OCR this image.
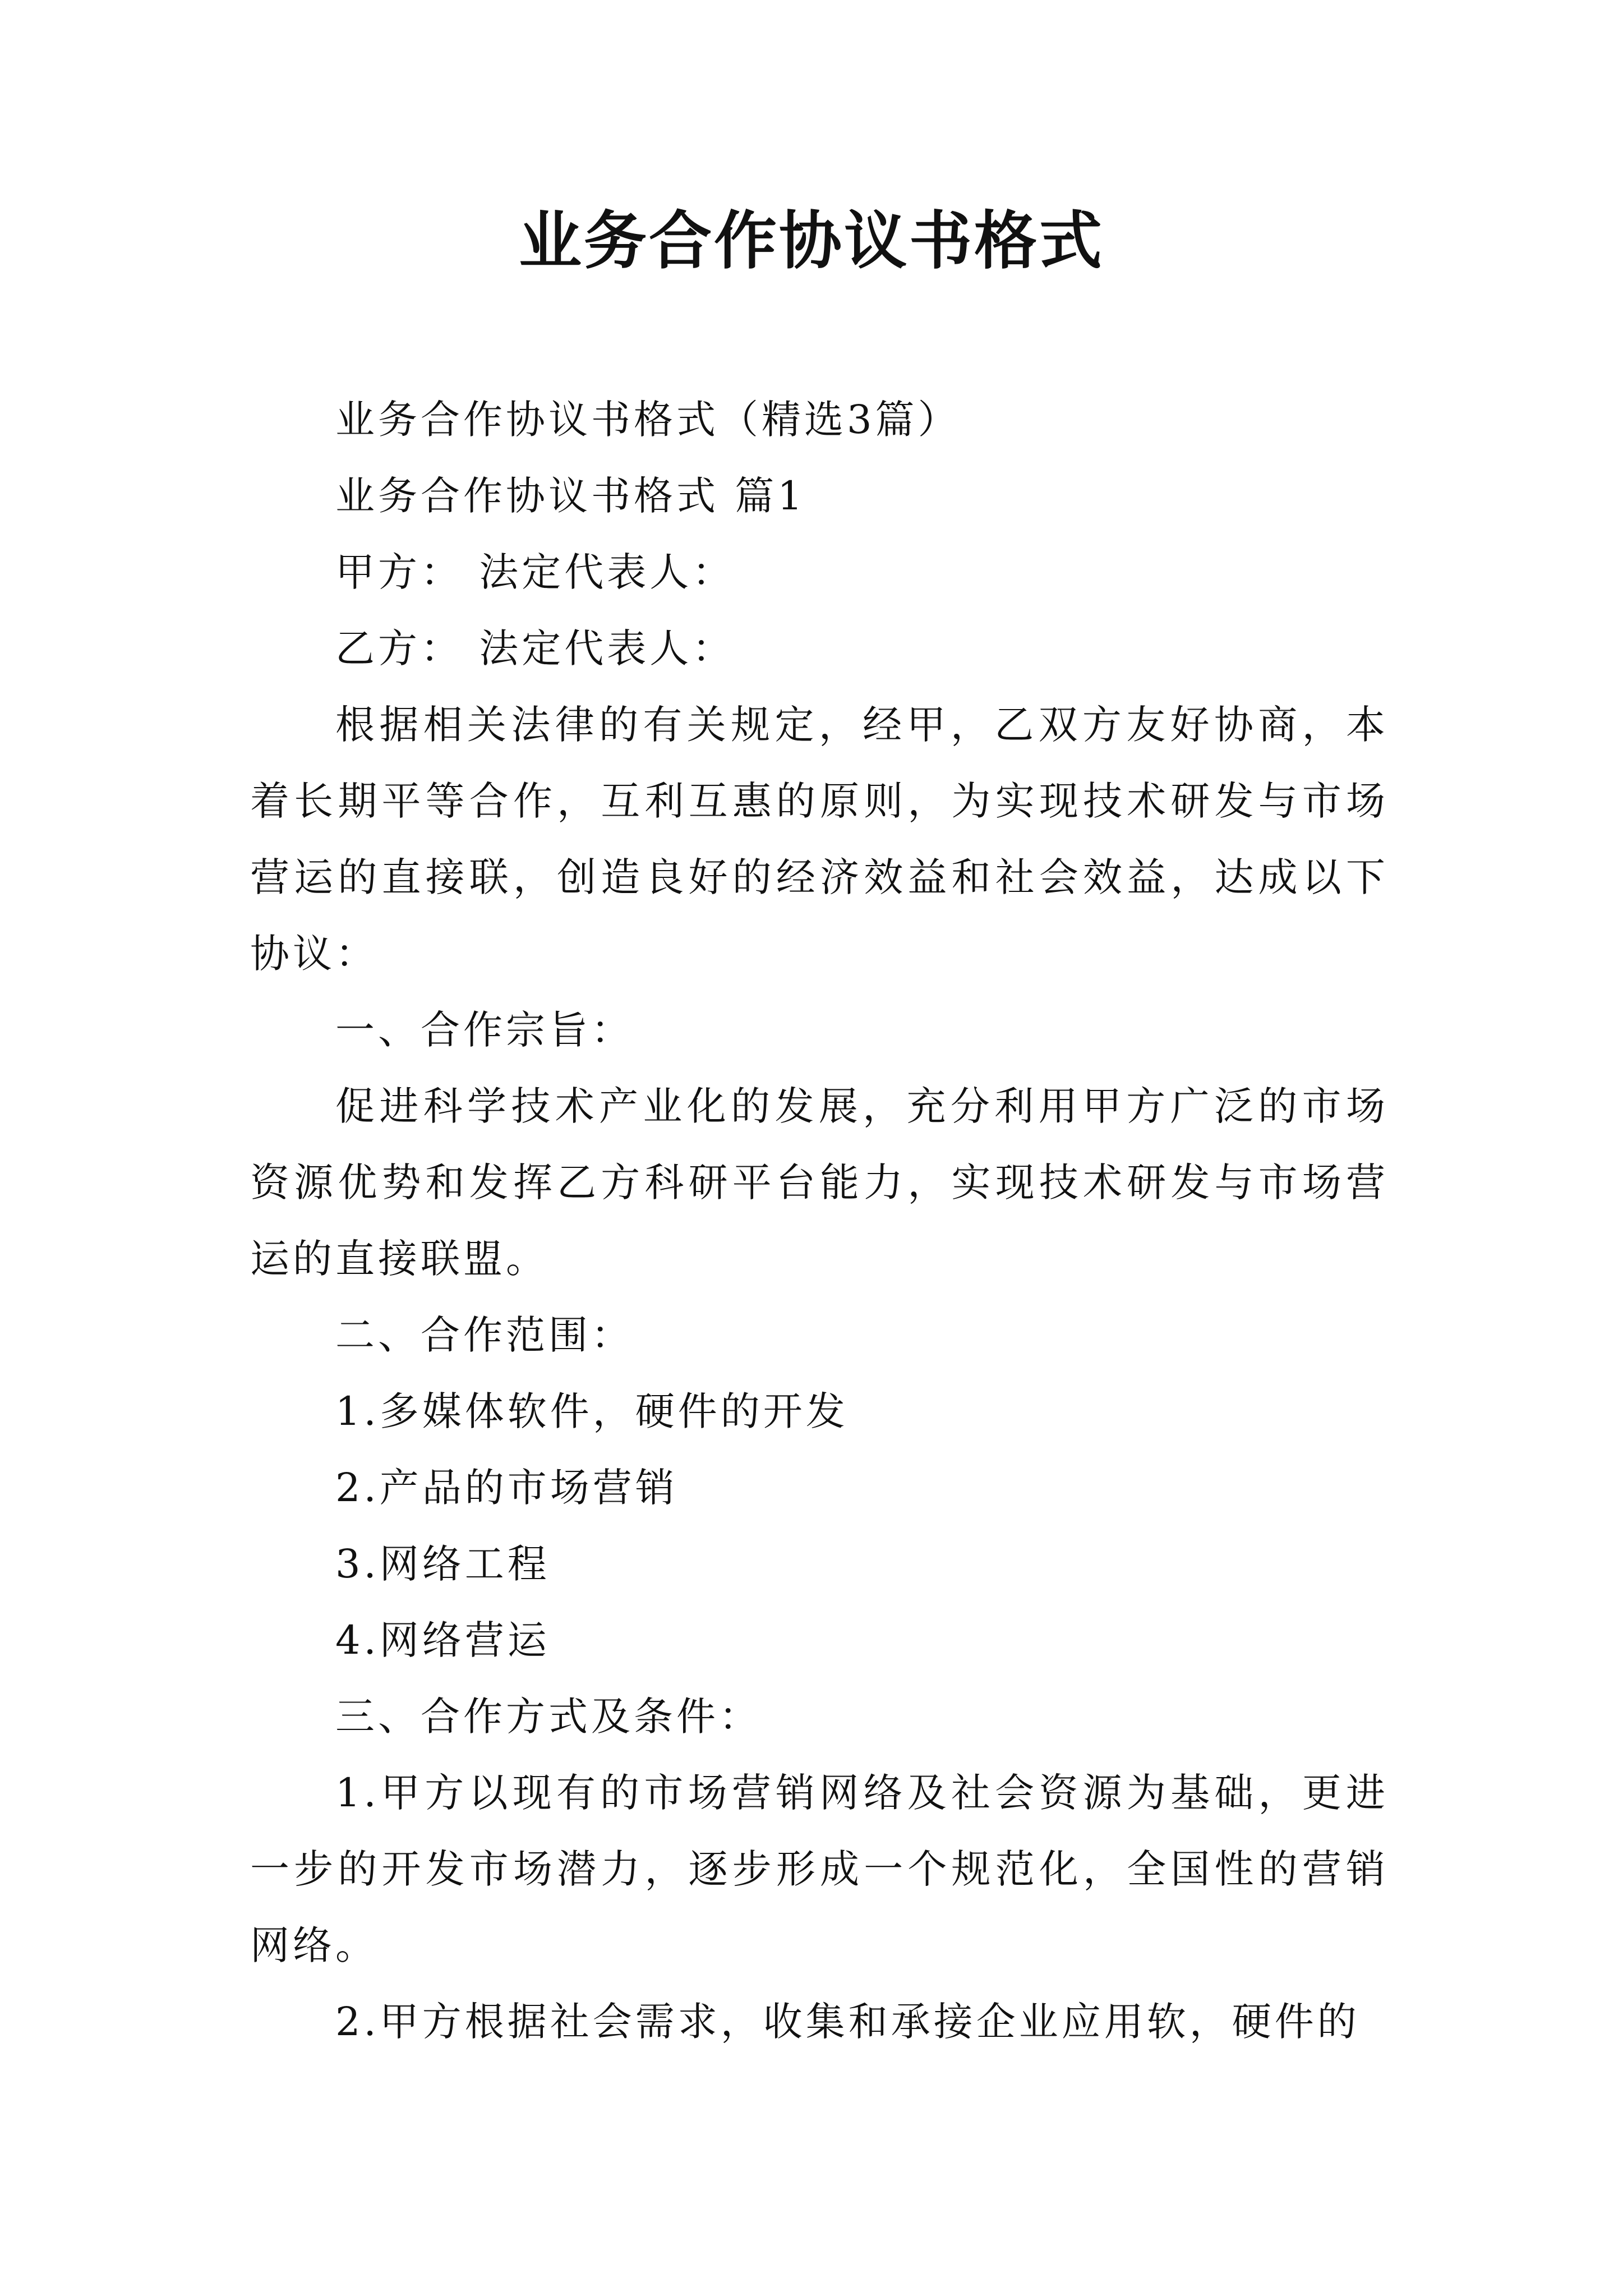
业务合作协议书格式

业务合作协议书格式（精选3篇）

业务合作协议书格式 篇1

甲方： 法定代表人：

乙方： 法定代表人：

根据相关法律的有关规定，经甲，乙双方友好协商，本着长期平等合作，互利互惠的原则，为实现技术研发与市场营运的直接联，创造良好的经济效益和社会效益，达成以下协议：

一、合作宗旨：

促进科学技术产业化的发展，充分利用甲方广泛的市场资源优势和发挥乙方科研平台能力，实现技术研发与市场营运的直接联盟。

二、合作范围：

1.多媒体软件，硬件的开发

2.产品的市场营销

3.网络工程

4.网络营运

三、合作方式及条件：

1.甲方以现有的市场营销网络及社会资源为基础，更进一步的开发市场潜力，逐步形成一个规范化，全国性的营销网络。

2.甲方根据社会需求，收集和承接企业应用软，硬件的
